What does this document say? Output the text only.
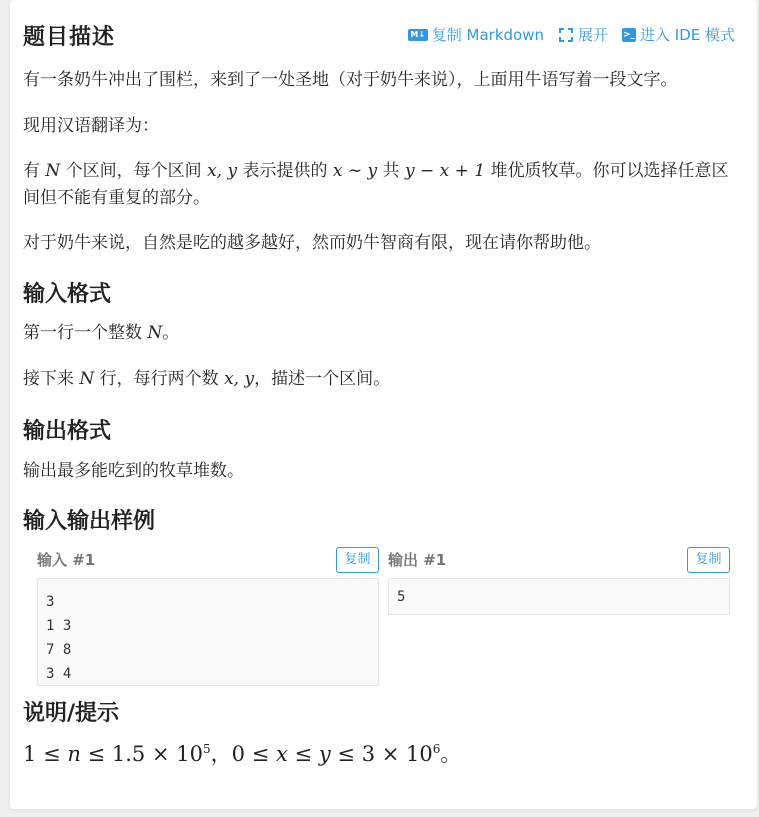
题目描述	M↓ 复制 Markdown 展开 >_ 进入 IDE 模式
有一条奶牛冲出了围栏，来到了一处圣地（对于奶牛来说），上面用牛语写着一段文字。
现用汉语翻译为：
有 N 个区间，每个区间 x, y 表示提供的 x ∼ y 共 y − x + 1 堆优质牧草。你可以选择任意区间但不能有重复的部分。
对于奶牛来说，自然是吃的越多越好，然而奶牛智商有限，现在请你帮助他。
输入格式
第一行一个整数 N。
接下来 N 行，每行两个数 x, y，描述一个区间。
输出格式
输出最多能吃到的牧草堆数。
输入输出样例
输入 #1	复制
3
1 3
7 8
3 4
输出 #1	复制
5
说明/提示
$1 \le n \le 1.5 \times 10^5$，$0 \le x \le y \le 3 \times 10^6$。
